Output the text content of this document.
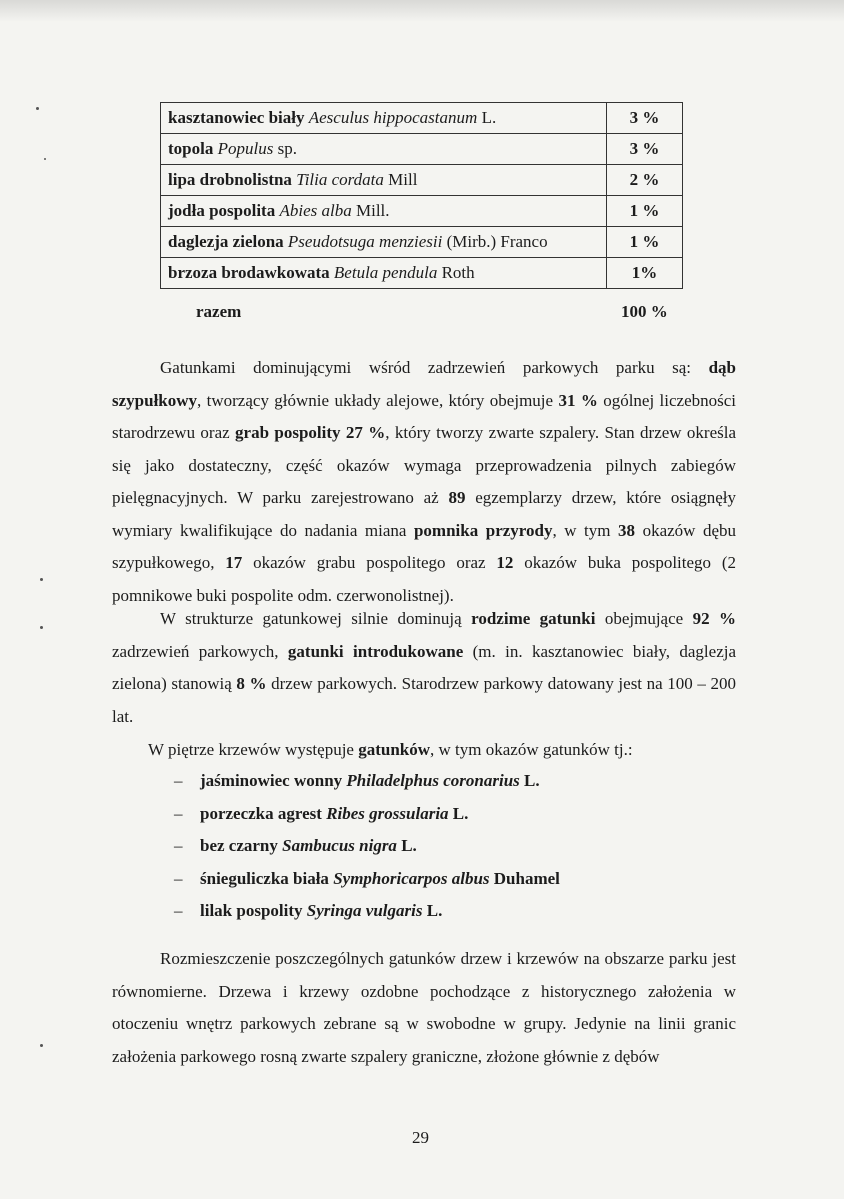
kasztanowiec biały Aesculus hippocastanum L.	3 %
topola Populus sp.	3 %
lipa drobnolistna Tilia cordata Mill	2 %
jodła pospolita Abies alba Mill.	1 %
daglezja zielona Pseudotsuga menziesii (Mirb.) Franco	1 %
brzoza brodawkowata Betula pendula Roth	1%
razem	100 %

Gatunkami dominującymi wśród zadrzewień parkowych parku są: dąb szypułkowy, tworzący głównie układy alejowe, który obejmuje 31 % ogólnej liczebności starodrzewu oraz grab pospolity 27 %, który tworzy zwarte szpalery. Stan drzew określa się jako dostateczny, część okazów wymaga przeprowadzenia pilnych zabiegów pielęgnacyjnych. W parku zarejestrowano aż 89 egzemplarzy drzew, które osiągnęły wymiary kwalifikujące do nadania miana pomnika przyrody, w tym 38 okazów dębu szypułkowego, 17 okazów grabu pospolitego oraz 12 okazów buka pospolitego (2 pomnikowe buki pospolite odm. czerwonolistnej).

W strukturze gatunkowej silnie dominują rodzime gatunki obejmujące 92 % zadrzewień parkowych, gatunki introdukowane (m. in. kasztanowiec biały, daglezja zielona) stanowią 8 % drzew parkowych. Starodrzew parkowy datowany jest na 100 – 200 lat.

W piętrze krzewów występuje gatunków, w tym okazów gatunków tj.:

– jaśminowiec wonny Philadelphus coronarius L.
– porzeczka agrest Ribes grossularia L.
– bez czarny Sambucus nigra L.
– śnieguliczka biała Symphoricarpos albus Duhamel
– lilak pospolity Syringa vulgaris L.

Rozmieszczenie poszczególnych gatunków drzew i krzewów na obszarze parku jest równomierne. Drzewa i krzewy ozdobne pochodzące z historycznego założenia w otoczeniu wnętrz parkowych zebrane są w swobodne w grupy. Jedynie na linii granic założenia parkowego rosną zwarte szpalery graniczne, złożone głównie z dębów

29
